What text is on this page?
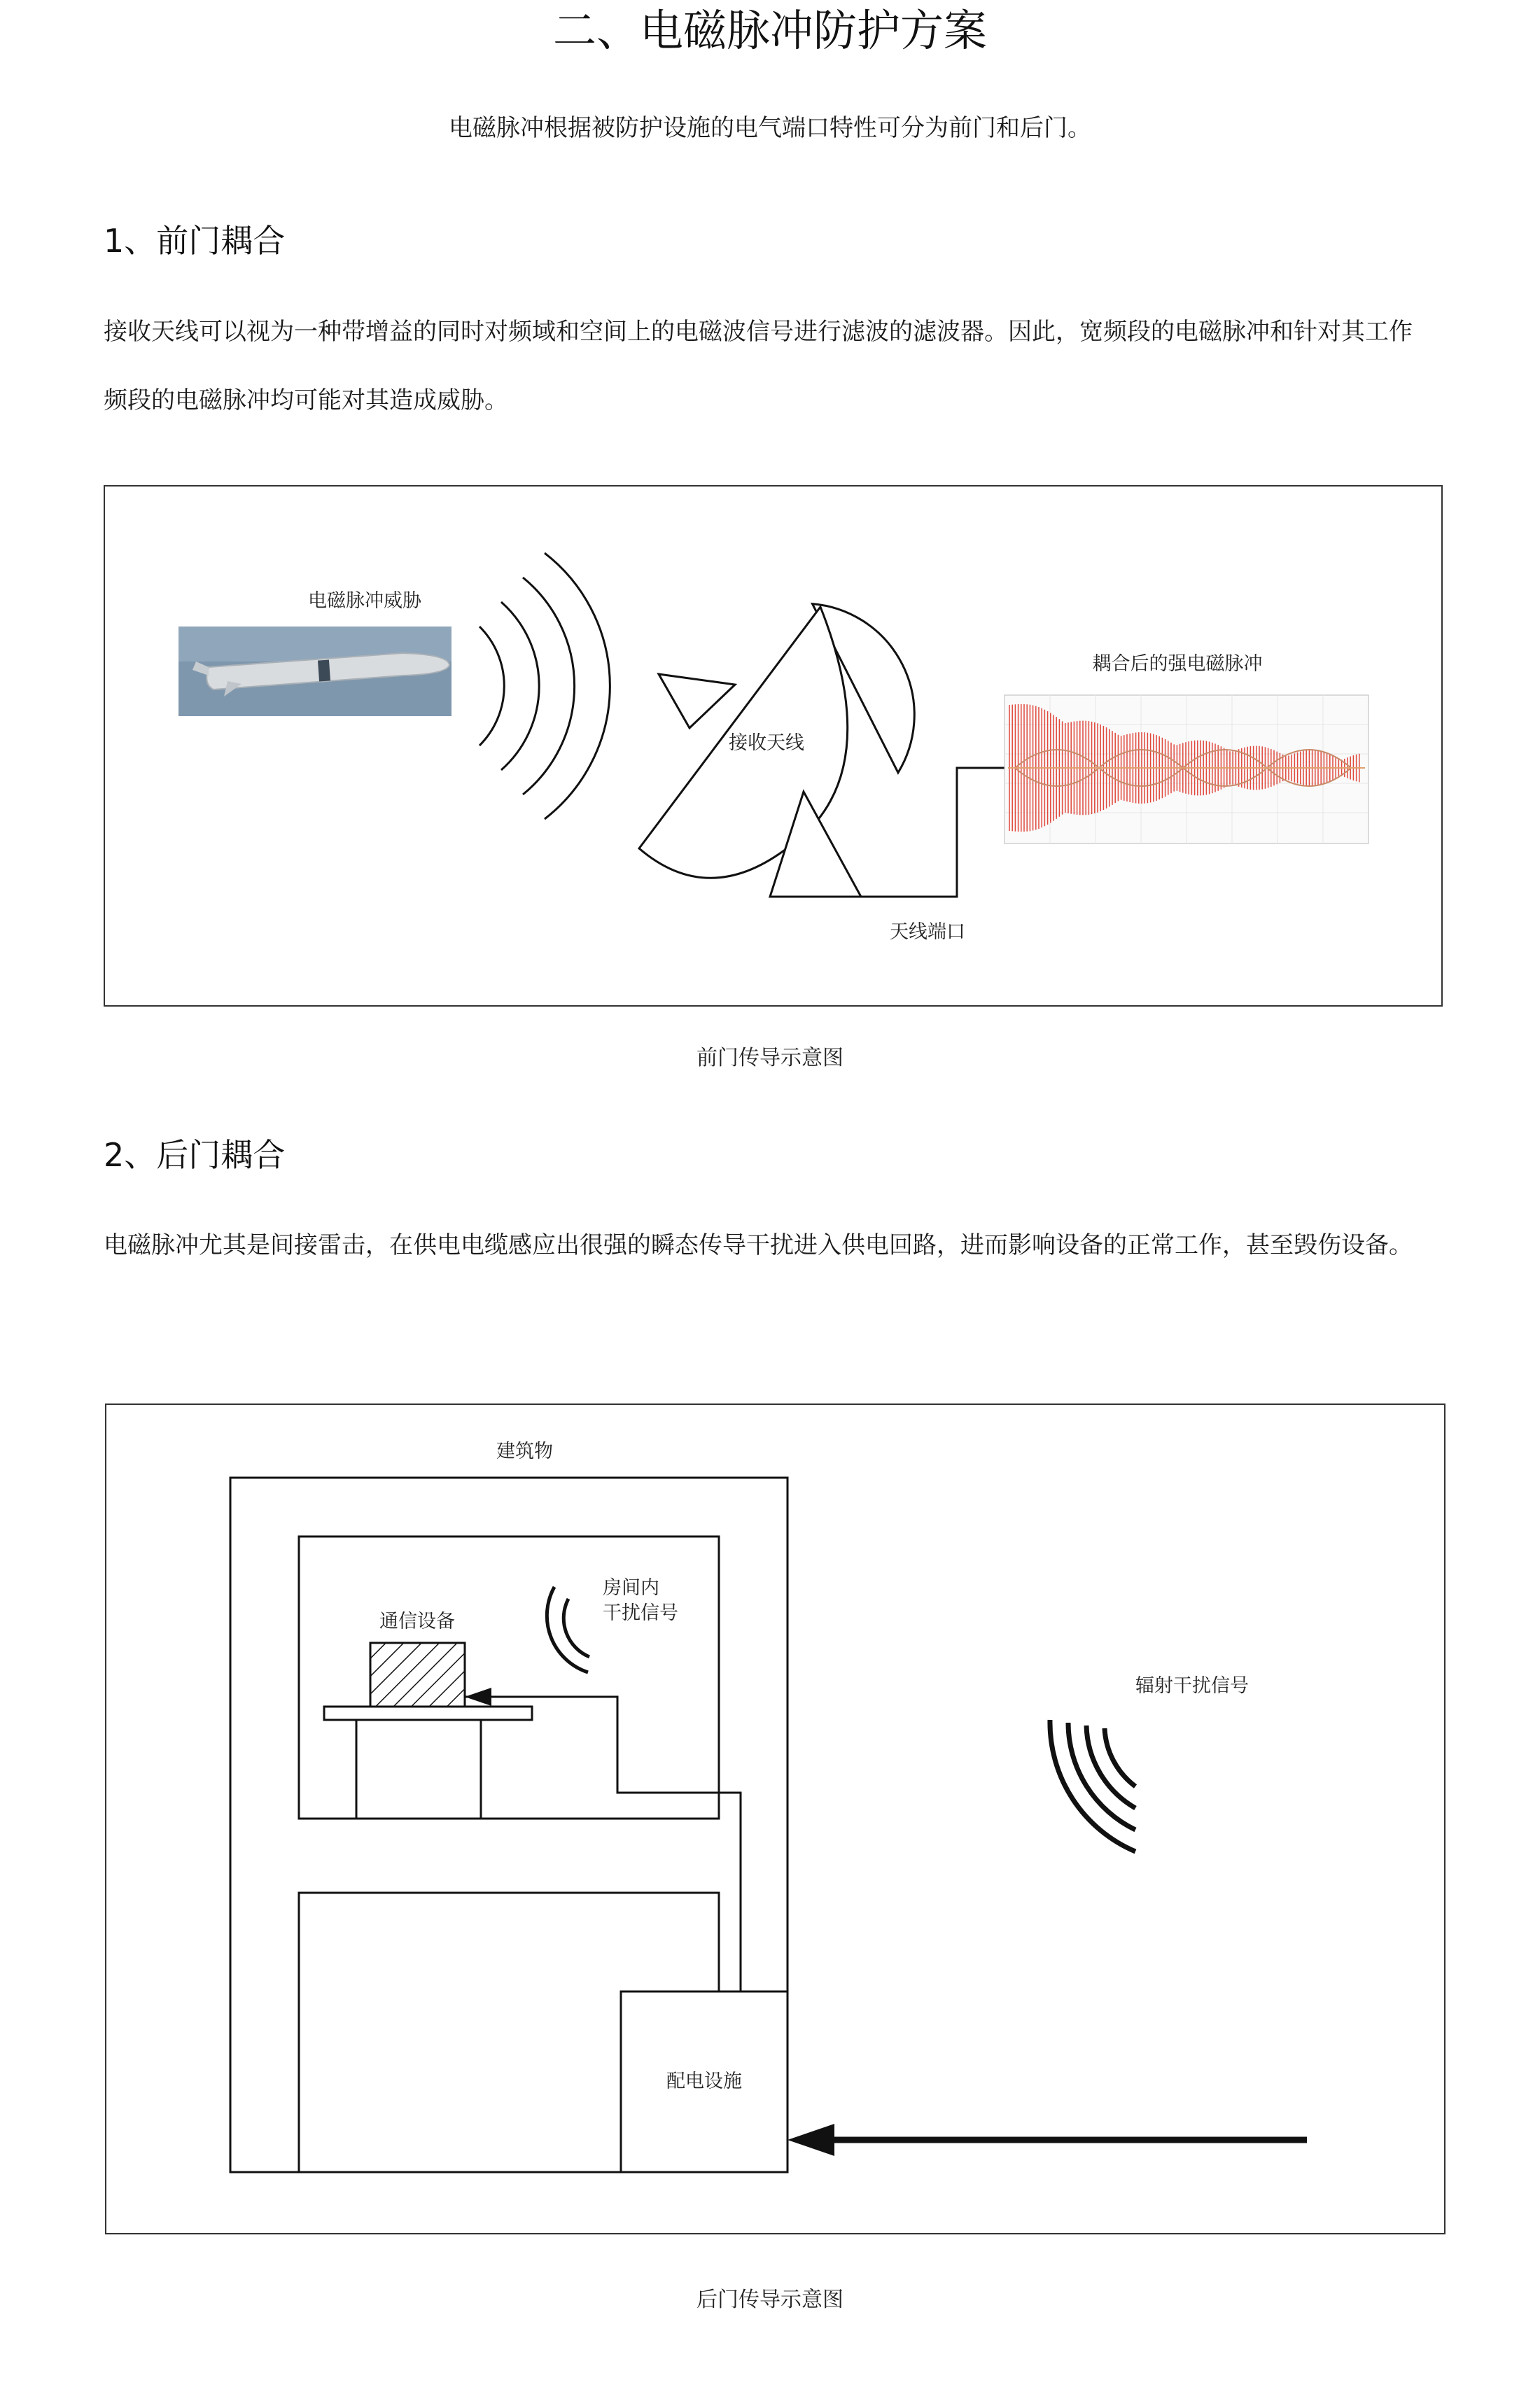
二、电磁脉冲防护方案
电磁脉冲根据被防护设施的电气端口特性可分为前门和后门。
1、前门耦合

接收天线可以视为一种带增益的同时对频域和空间上的电磁波信号进行滤波的滤波器。因此，宽频段的电磁脉冲和针对其工作频段的电磁脉冲均可能对其造成威胁。

电磁脉冲威胁
接收天线
天线端口
耦合后的强电磁脉冲
前门传导示意图
2、后门耦合

电磁脉冲尤其是间接雷击，在供电电缆感应出很强的瞬态传导干扰进入供电回路，进而影响设备的正常工作，甚至毁伤设备。

建筑物
通信设备
房间内
干扰信号
配电设施
辐射干扰信号
后门传导示意图
